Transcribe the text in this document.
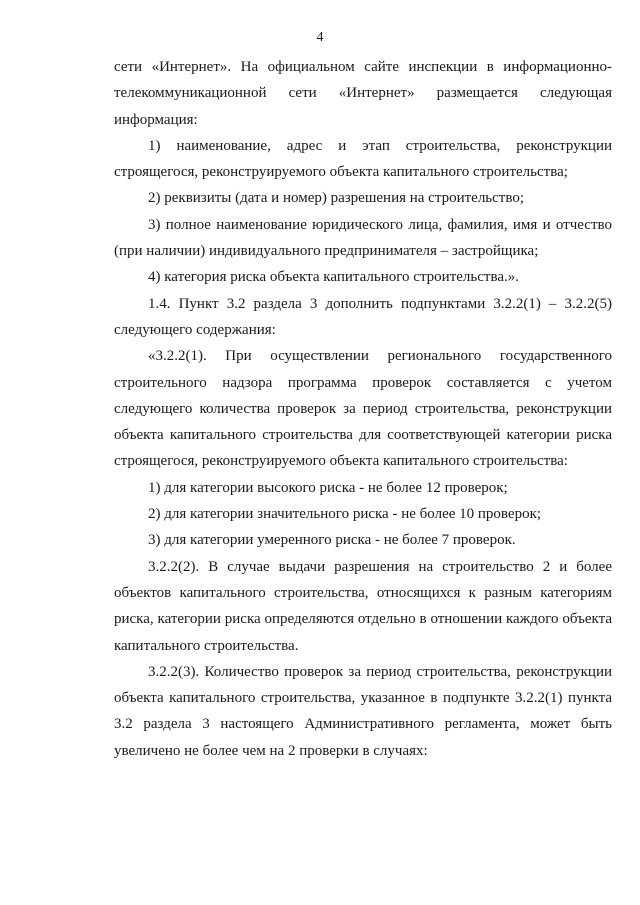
4

сети «Интернет». На официальном сайте инспекции в информационно-телекоммуникационной сети «Интернет» размещается следующая информация:

1) наименование, адрес и этап строительства, реконструкции строящегося, реконструируемого объекта капитального строительства;

2) реквизиты (дата и номер) разрешения на строительство;

3) полное наименование юридического лица, фамилия, имя и отчество (при наличии) индивидуального предпринимателя – застройщика;

4) категория риска объекта капитального строительства.».

1.4. Пункт 3.2 раздела 3 дополнить подпунктами 3.2.2(1) – 3.2.2(5) следующего содержания:

«3.2.2(1). При осуществлении регионального государственного строительного надзора программа проверок составляется с учетом следующего количества проверок за период строительства, реконструкции объекта капитального строительства для соответствующей категории риска строящегося, реконструируемого объекта капитального строительства:

1) для категории высокого риска - не более 12 проверок;

2) для категории значительного риска - не более 10 проверок;

3) для категории умеренного риска - не более 7 проверок.

3.2.2(2). В случае выдачи разрешения на строительство 2 и более объектов капитального строительства, относящихся к разным категориям риска, категории риска определяются отдельно в отношении каждого объекта капитального строительства.

3.2.2(3). Количество проверок за период строительства, реконструкции объекта капитального строительства, указанное в подпункте 3.2.2(1) пункта 3.2 раздела 3 настоящего Административного регламента, может быть увеличено не более чем на 2 проверки в случаях:
